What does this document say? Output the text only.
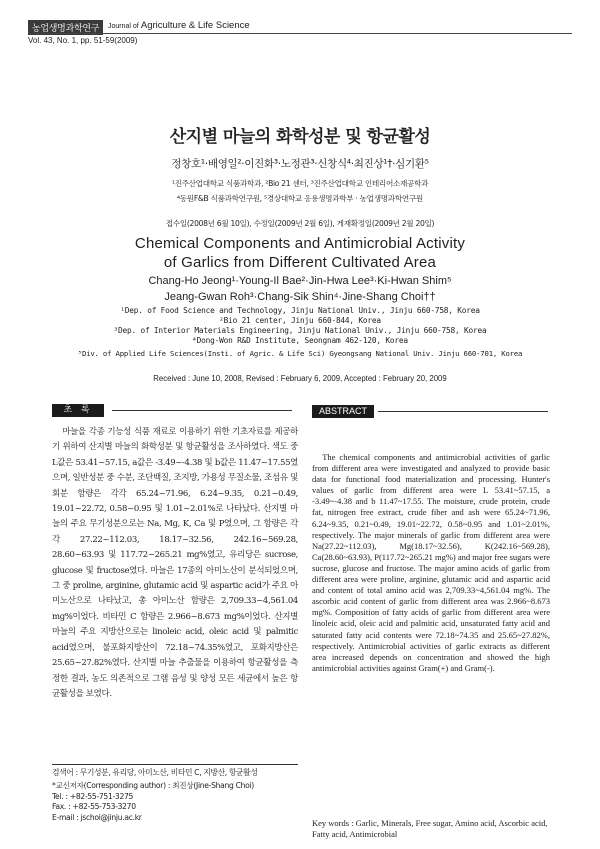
농업생명과학연구	Journal of Agriculture & Life Science
Vol. 43, No. 1, pp. 51-59(2009)
산지별 마늘의 화학성분 및 항균활성
정창호¹·배영일²·이진화³·노정관³·신창식⁴·최진상¹†·심기환⁵
¹진주산업대학교 식품과학과, ²Bio 21 센터, ³진주산업대학교 인테리어소재공학과
⁴동원F&B 식품과학연구원, ⁵경상대학교 응용생명과학부 · 농업생명과학연구원
접수일(2008년 6월 10일), 수정일(2009년 2월 6일), 게재확정일(2009년 2월 20일)
Chemical Components and Antimicrobial Activity
of Garlics from Different Cultivated Area
Chang-Ho Jeong¹·Young-Il Bae²·Jin-Hwa Lee³·Ki-Hwan Shim⁵
Jeang-Gwan Roh³·Chang-Sik Shin⁴·Jine-Shang Choi††
¹Dep. of Food Science and Technology, Jinju National Univ., Jinju 660-758, Korea
²Bio 21 center, Jinju 660-844, Korea
³Dep. of Interior Materials Engineering, Jinju National Univ., Jinju 660-758, Korea
⁴Dong-Won R&D Institute, Seongnam 462-120, Korea
⁵Div. of Applied Life Sciences(Insti. of Agric. & Life Sci) Gyeongsang National Univ. Jinju 660-701, Korea
Received : June 10, 2008, Revised : February 6, 2009, Accepted : February 20, 2009
초 록
마늘을 각종 기능성 식품 재료로 이용하기 위한 기초자료를 제공하기 위하여 산지별 마늘의 화학성분 및 항균활성을 조사하였다. 색도 중 L값은 53.41~57.15, a값은 -3.49~-4.38 및 b값은 11.47~17.55였으며, 일반성분 중 수분, 조단백질, 조지방, 가용성 무질소물, 조섬유 및 회분 함량은 각각 65.24~71.96, 6.24~9.35, 0.21~0.49, 19.01~22.72, 0.58~0.95 및 1.01~2.01%로 나타났다. 산지별 마늘의 주요 무기성분으로는 Na, Mg, K, Ca 및 P였으며, 그 함량은 각각 27.22~112.03, 18.17~32.56, 242.16~569.28, 28.60~63.93 및 117.72~265.21 mg%였고, 유리당은 sucrose, glucose 및 fructose였다. 마늘은 17종의 아미노산이 분석되었으며, 그 중 proline, arginine, glutamic acid 및 aspartic acid가 주요 아미노산으로 나타났고, 총 아미노산 함량은 2,709.33~4,561.04 mg%이었다. 비타민 C 함량은 2.966~8.673 mg%이었다. 산지별 마늘의 주요 지방산으로는 linoleic acid, oleic acid 및 palmitic acid였으며, 불포화지방산이 72.18~74.35%였고, 포화지방산은 25.65~27.82%였다. 산지별 마늘 추출물을 이용하여 항균활성을 측정한 결과, 농도 의존적으로 그램 음성 및 양성 모든 세균에서 높은 항균활성을 보였다.
검색어 : 무기성분, 유리당, 아미노산, 비타민 C, 지방산, 항균활성
*교신저자(Corresponding author) : 최진상(Jine-Shang Choi)
Tel. : +82-55-751-3275
Fax. : +82-55-753-3270
E-mail : jschoi@jinju.ac.kr
ABSTRACT
The chemical components and antimicrobial activities of garlic from different area were investigated and analyzed to provide basic data for functional food materialization and processing. Hunter's values of garlic from different area were L 53.41~57.15, a -3.49~-4.38 and b 11.47~17.55. The moisture, crude protein, crude fat, nitrogen free extract, crude fiber and ash were 65.24~71.96, 6.24~9.35, 0.21~0.49, 19.01~22.72, 0.58~0.95 and 1.01~2.01%, respectively. The major minerals of garlic from different area were Na(27.22~112.03), Mg(18.17~32.56), K(242.16~569.28), Ca(28.60~63.93), P(117.72~265.21 mg%) and major free sugars were sucrose, glucose and fructose. The major amino acids of garlic from different area were proline, arginine, glutamic acid and aspartic acid and content of total amino acid was 2,709.33~4,561.04 mg%. The ascorbic acid content of garlic from different area was 2.966~8.673 mg%. Composition of fatty acids of garlic from different area were linoleic acid, oleic acid and palmitic acid, unsaturated fatty acid and saturated fatty acid contents were 72.18~74.35 and 25.65~27.82%, respectively. Antimicrobial activities of garlic extracts as different area increased depends on concentration and showed the high antimicrobial activities against Gram(+) and Gram(-).
Key words : Garlic, Minerals, Free sugar, Amino acid, Ascorbic acid, Fatty acid, Antimicrobial
